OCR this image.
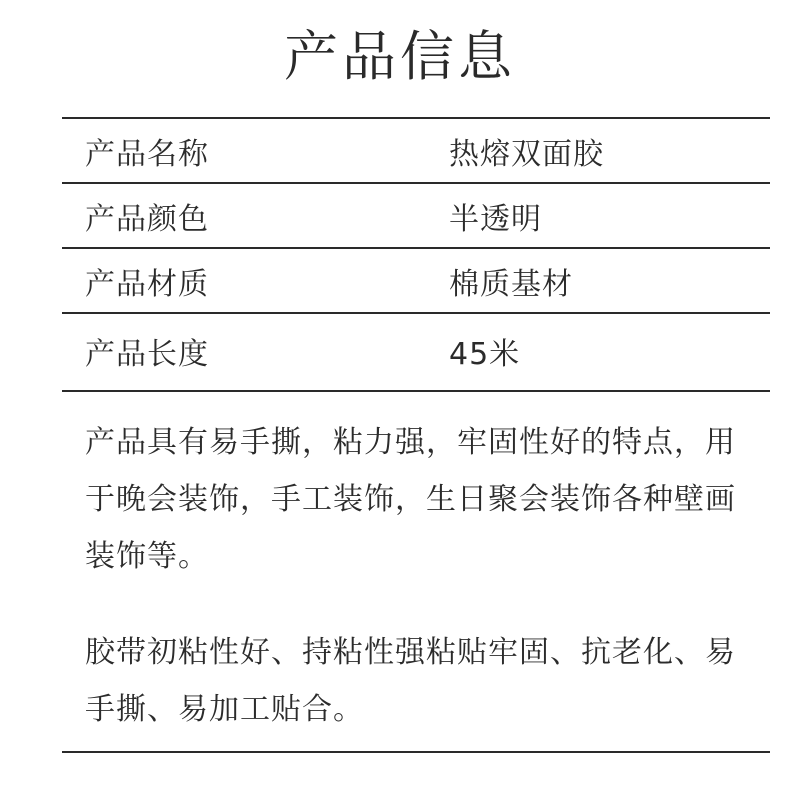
产品信息
产品名称	热熔双面胶
产品颜色	半透明
产品材质	棉质基材
产品长度	45米
产品具有易手撕，粘力强，牢固性好的特点，用于晚会装饰，手工装饰，生日聚会装饰各种壁画装饰等。
胶带初粘性好、持粘性强粘贴牢固、抗老化、易手撕、易加工贴合。
